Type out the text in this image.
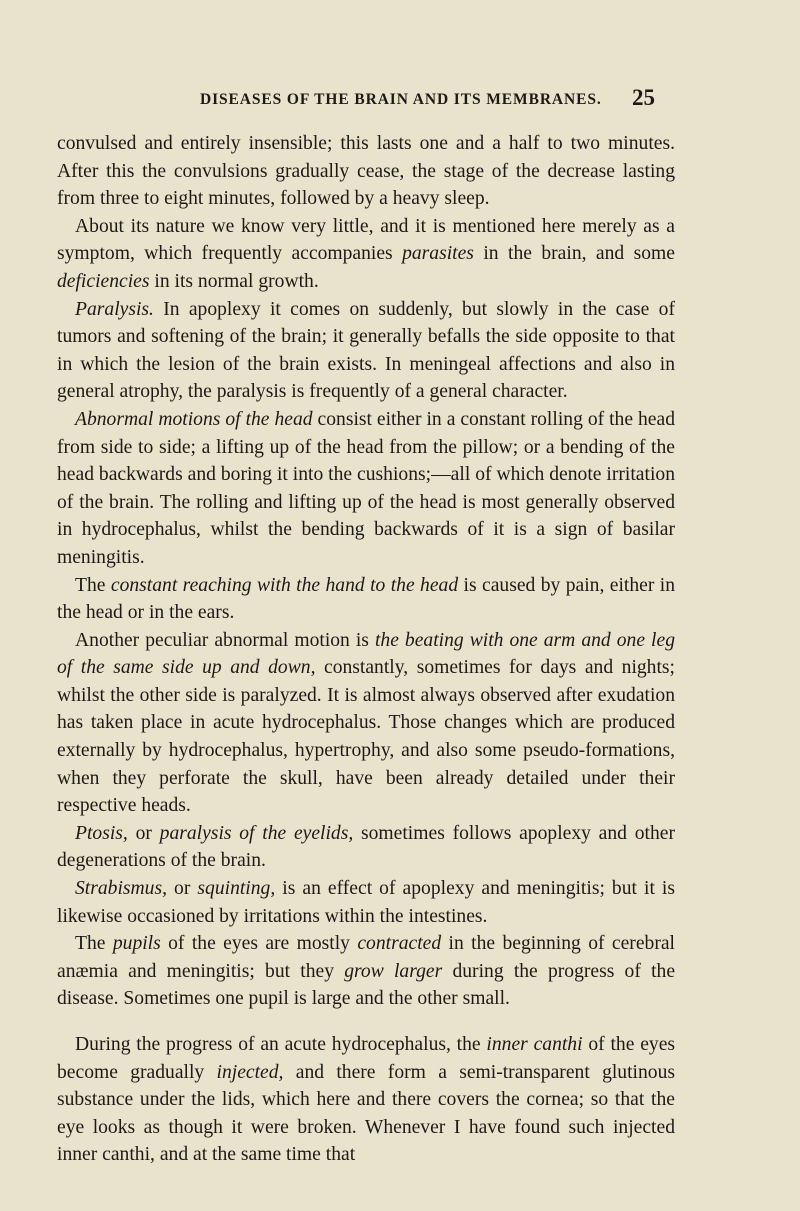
DISEASES OF THE BRAIN AND ITS MEMBRANES. 25

convulsed and entirely insensible; this lasts one and a half to two minutes. After this the convulsions gradually cease, the stage of the decrease lasting from three to eight minutes, followed by a heavy sleep.

About its nature we know very little, and it is mentioned here merely as a symptom, which frequently accompanies parasites in the brain, and some deficiencies in its normal growth.

Paralysis. In apoplexy it comes on suddenly, but slowly in the case of tumors and softening of the brain; it generally befalls the side opposite to that in which the lesion of the brain exists. In meningeal affections and also in general atrophy, the paralysis is frequently of a general character.

Abnormal motions of the head consist either in a constant rolling of the head from side to side; a lifting up of the head from the pillow; or a bending of the head backwards and boring it into the cushions;—all of which denote irritation of the brain. The rolling and lifting up of the head is most generally observed in hydrocephalus, whilst the bending backwards of it is a sign of basilar meningitis.

The constant reaching with the hand to the head is caused by pain, either in the head or in the ears.

Another peculiar abnormal motion is the beating with one arm and one leg of the same side up and down, constantly, sometimes for days and nights; whilst the other side is paralyzed. It is almost always observed after exudation has taken place in acute hydrocephalus. Those changes which are produced externally by hydrocephalus, hypertrophy, and also some pseudo-formations, when they perforate the skull, have been already detailed under their respective heads.

Ptosis, or paralysis of the eyelids, sometimes follows apoplexy and other degenerations of the brain.

Strabismus, or squinting, is an effect of apoplexy and meningitis; but it is likewise occasioned by irritations within the intestines.

The pupils of the eyes are mostly contracted in the beginning of cerebral anæmia and meningitis; but they grow larger during the progress of the disease. Sometimes one pupil is large and the other small.

During the progress of an acute hydrocephalus, the inner canthi of the eyes become gradually injected, and there form a semi-transparent glutinous substance under the lids, which here and there covers the cornea; so that the eye looks as though it were broken. Whenever I have found such injected inner canthi, and at the same time that
